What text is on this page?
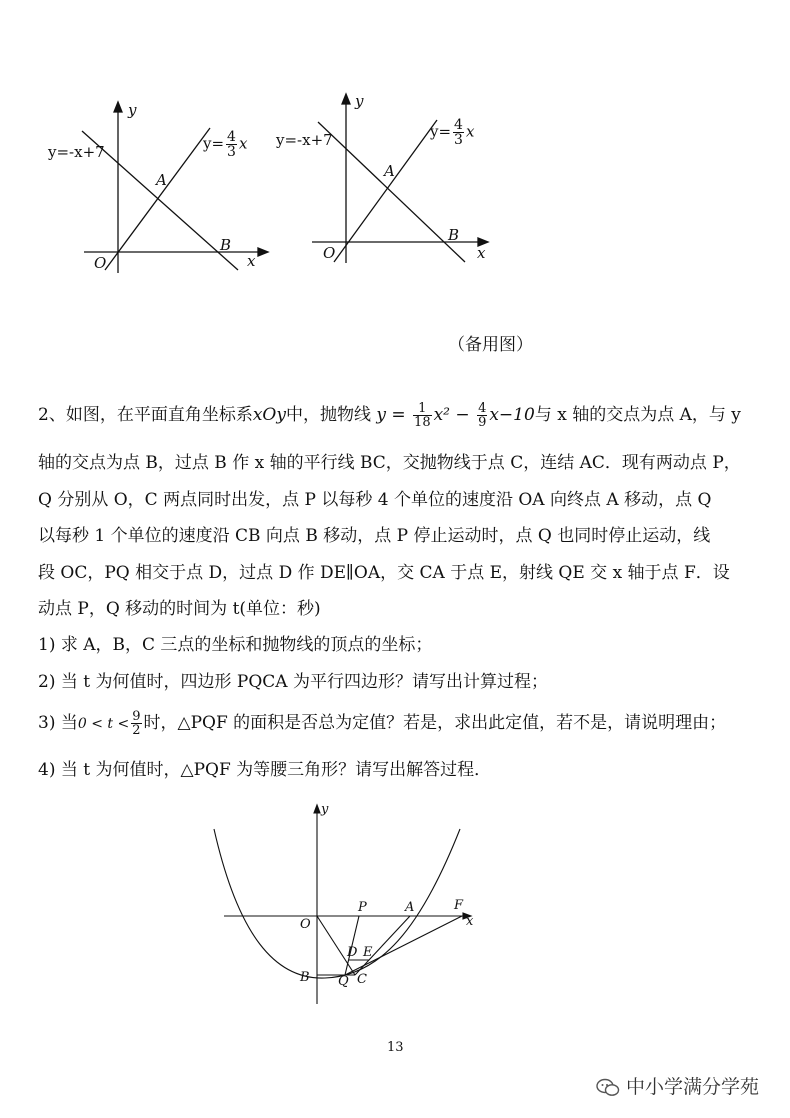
y
x
O
y=-x+7
A
B
$y= \frac{4}{3}$ x
y
x
O
y=-x+7
A
B
$y= \frac{4}{3}$ x
（备用图）
2、如图，在平面直角坐标系xOy中，抛物线 $y = \frac{1}{18} x^2 - \frac{4}{9} x-10$与 x 轴的交点为点 A，与 y
轴的交点为点 B，过点 B 作 x 轴的平行线 BC，交抛物线于点 C，连结 AC．现有两动点 P，
Q 分别从 O，C 两点同时出发，点 P 以每秒 4 个单位的速度沿 OA 向终点 A 移动，点 Q
以每秒 1 个单位的速度沿 CB 向点 B 移动，点 P 停止运动时，点 Q 也同时停止运动，线
段 OC，PQ 相交于点 D，过点 D 作 DE∥OA，交 CA 于点 E，射线 QE 交 x 轴于点 F．设
动点 P，Q 移动的时间为 t(单位：秒)
1) 求 A，B，C 三点的坐标和抛物线的顶点的坐标；
2) 当 t 为何值时，四边形 PQCA 为平行四边形？请写出计算过程；
3) 当$0 < t < \frac{9}{2}$ 时，△PQF 的面积是否总为定值？若是，求出此定值，若不是，请说明理由；
4) 当 t 为何值时，△PQF 为等腰三角形？请写出解答过程．
y
x
O
P	A	F
D E
B Q C
13
中小学满分学苑
